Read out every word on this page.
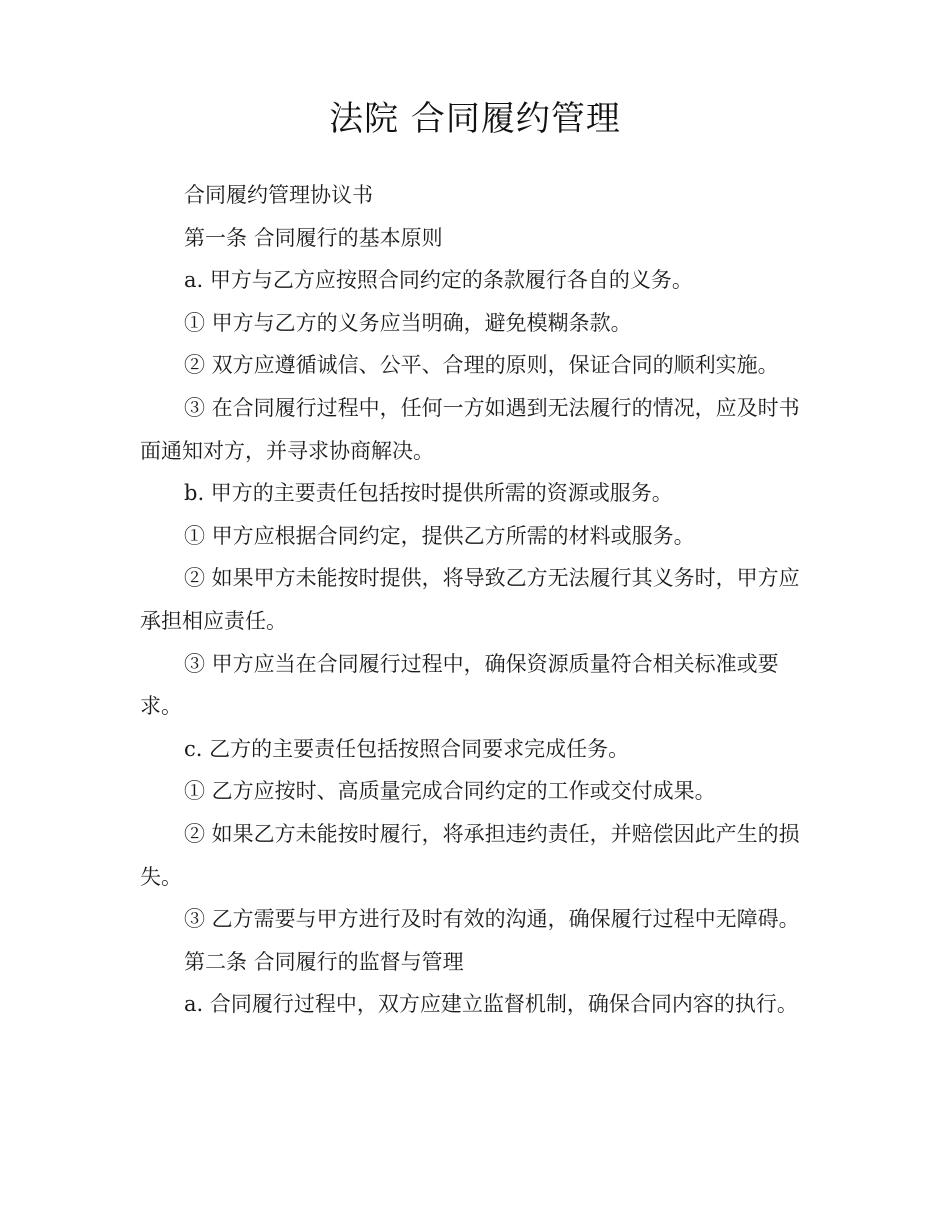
法院 合同履约管理

合同履约管理协议书

第一条 合同履行的基本原则

a. 甲方与乙方应按照合同约定的条款履行各自的义务。

① 甲方与乙方的义务应当明确，避免模糊条款。

② 双方应遵循诚信、公平、合理的原则，保证合同的顺利实施。

③ 在合同履行过程中，任何一方如遇到无法履行的情况，应及时书面通知对方，并寻求协商解决。

b. 甲方的主要责任包括按时提供所需的资源或服务。

① 甲方应根据合同约定，提供乙方所需的材料或服务。

② 如果甲方未能按时提供，将导致乙方无法履行其义务时，甲方应承担相应责任。

③ 甲方应当在合同履行过程中，确保资源质量符合相关标准或要求。

c. 乙方的主要责任包括按照合同要求完成任务。

① 乙方应按时、高质量完成合同约定的工作或交付成果。

② 如果乙方未能按时履行，将承担违约责任，并赔偿因此产生的损失。

③ 乙方需要与甲方进行及时有效的沟通，确保履行过程中无障碍。

第二条 合同履行的监督与管理

a. 合同履行过程中，双方应建立监督机制，确保合同内容的执行。
